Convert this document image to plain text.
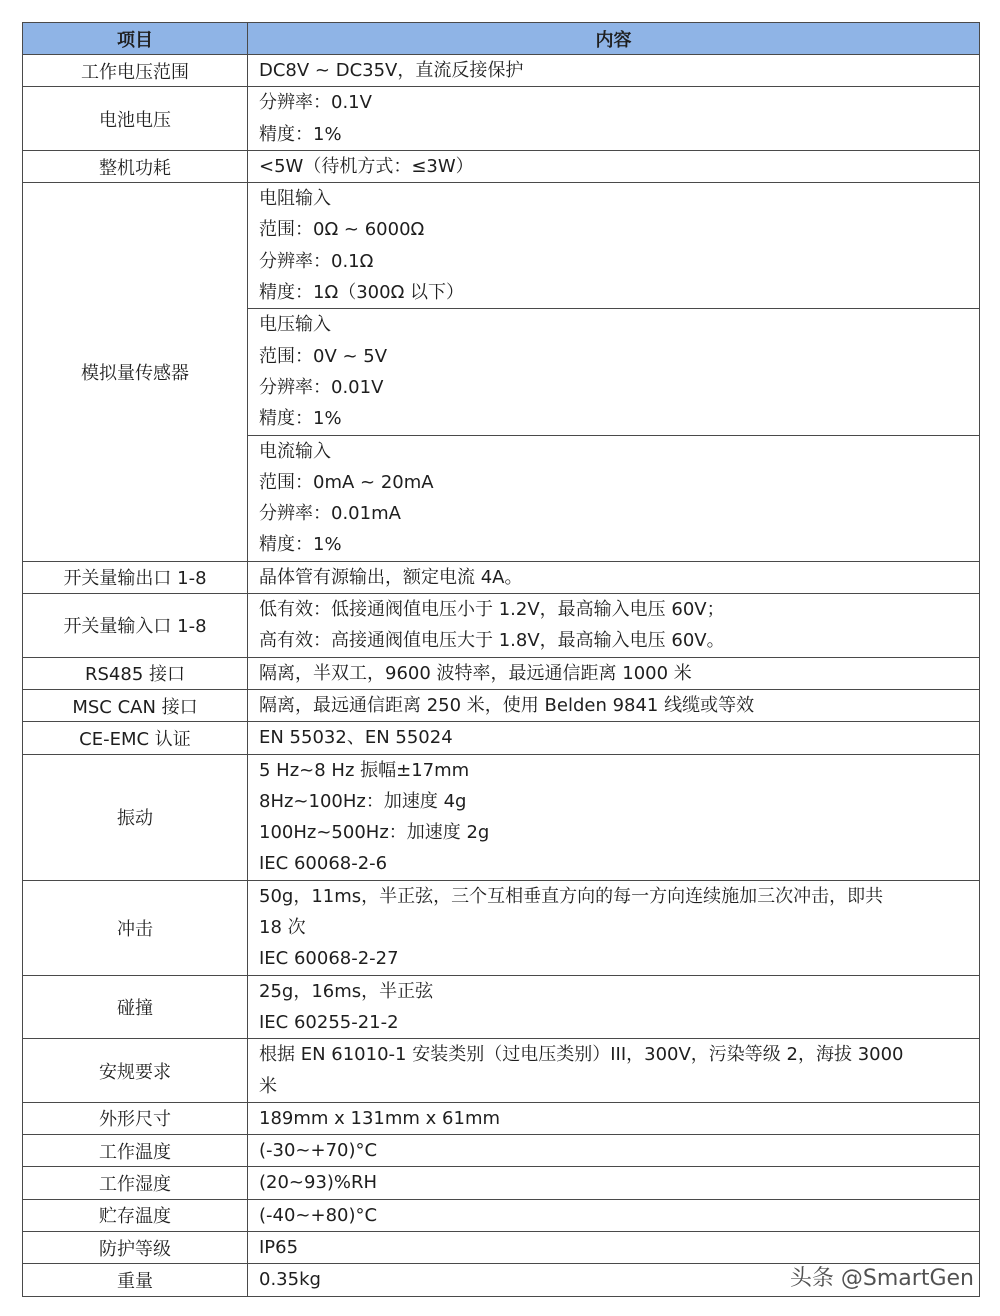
项目	内容
工作电压范围	DC8V ~ DC35V，直流反接保护

电池电压	分辨率：0.1V
精度：1%

整机功耗	<5W（待机方式：≤3W）

模拟量传感器	电阻输入
范围：0Ω ~ 6000Ω
分辨率：0.1Ω
精度：1Ω（300Ω 以下）

	电压输入
范围：0V ~ 5V
分辨率：0.01V
精度：1%

	电流输入
范围：0mA ~ 20mA
分辨率：0.01mA
精度：1%

开关量输出口 1-8	晶体管有源输出，额定电流 4A。

开关量输入口 1-8	低有效：低接通阀值电压小于 1.2V，最高输入电压 60V；
高有效：高接通阀值电压大于 1.8V，最高输入电压 60V。

RS485 接口	隔离，半双工，9600 波特率，最远通信距离 1000 米

MSC CAN 接口	隔离，最远通信距离 250 米，使用 Belden 9841 线缆或等效

CE-EMC 认证	EN 55032、EN 55024

振动	5 Hz~8 Hz 振幅±17mm
8Hz~100Hz：加速度 4g
100Hz~500Hz：加速度 2g
IEC 60068-2-6

冲击	50g，11ms，半正弦，三个互相垂直方向的每一方向连续施加三次冲击，即共
18 次
IEC 60068-2-27

碰撞	25g，16ms，半正弦
IEC 60255-21-2

安规要求	根据 EN 61010-1 安装类别（过电压类别）III，300V，污染等级 2，海拔 3000
米

外形尺寸	189mm x 131mm x 61mm

工作温度	(-30~+70)°C

工作湿度	(20~93)%RH

贮存温度	(-40~+80)°C

防护等级	IP65

重量	0.35kg	头条 @SmartGen
